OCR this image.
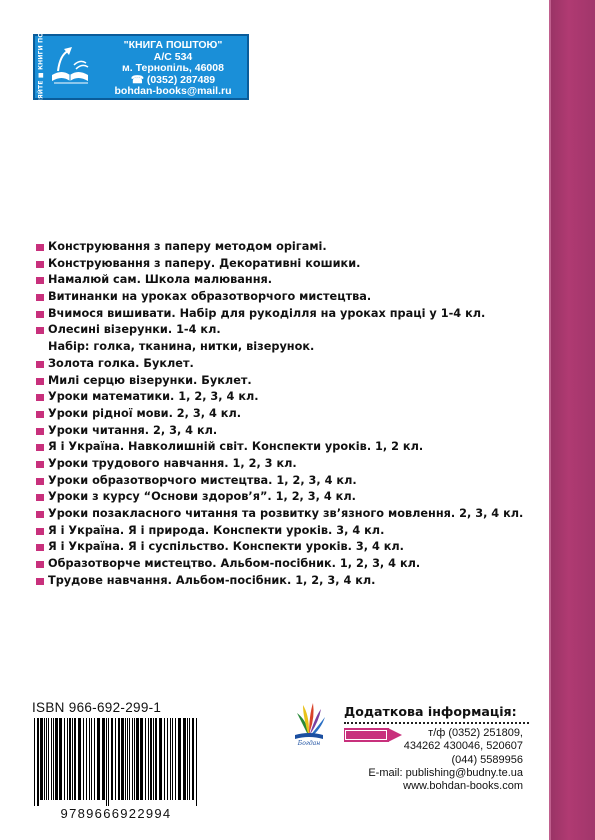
ЗАМОВЛЯЙТЕ ■ КНИГИ ПОШТОЮ:	"КНИГА ПОШТОЮ"
А/С 534
м. Тернопіль, 46008
☎ (0352) 287489
bohdan-books@mail.ru
Конструювання з паперу методом орігамі.
Конструювання з паперу. Декоративні кошики.
Намалюй сам. Школа малювання.
Витинанки на уроках образотворчого мистецтва.
Вчимося вишивати. Набір для рукоділля на уроках праці у 1-4 кл.
Олесині візерунки. 1-4 кл.
Набір: голка, тканина, нитки, візерунок.
Золота голка. Буклет.
Милі серцю візерунки. Буклет.
Уроки математики. 1, 2, 3, 4 кл.
Уроки рідної мови. 2, 3, 4 кл.
Уроки читання. 2, 3, 4 кл.
Я і Україна. Навколишній світ. Конспекти уроків. 1, 2 кл.
Уроки трудового навчання. 1, 2, 3 кл.
Уроки образотворчого мистецтва. 1, 2, 3, 4 кл.
Уроки з курсу “Основи здоров’я”. 1, 2, 3, 4 кл.
Уроки позакласного читання та розвитку зв’язного мовлення. 2, 3, 4 кл.
Я і Україна. Я і природа. Конспекти уроків. 3, 4 кл.
Я і Україна. Я і суспільство. Конспекти уроків. 3, 4 кл.
Образотворче мистецтво. Альбом-посібник. 1, 2, 3, 4 кл.
Трудове навчання. Альбом-посібник. 1, 2, 3, 4 кл.
ISBN 966-692-299-1
9789666922994
Богдан
Додаткова інформація:
т/ф (0352) 251809,
434262 430046, 520607
(044) 5589956
E-mail: publishing@budny.te.ua
www.bohdan-books.com
